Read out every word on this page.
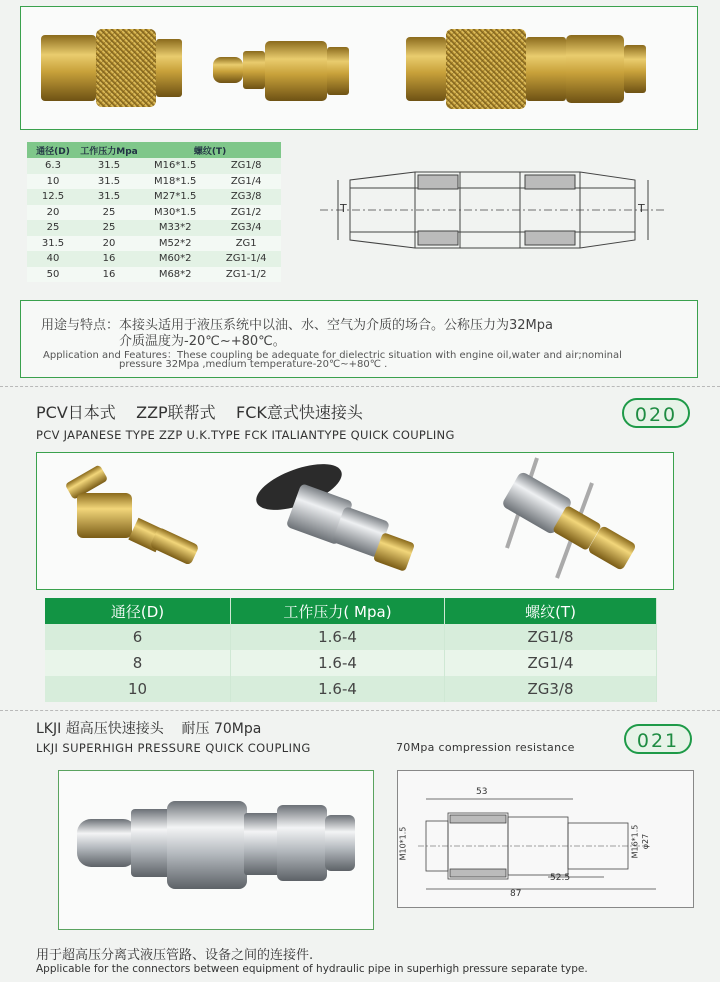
通径(D)	工作压力Mpa	螺纹(T)	
6.3	31.5	M16*1.5	ZG1/8
10	31.5	M18*1.5	ZG1/4
12.5	31.5	M27*1.5	ZG3/8
20	25	M30*1.5	ZG1/2
25	25	M33*2	ZG3/4
31.5	20	M52*2	ZG1
40	16	M60*2	ZG1-1/4
50	16	M68*2	ZG1-1/2
T	T
用途与特点：本接头适用于液压系统中以油、水、空气为介质的场合。公称压力为32Mpa
介质温度为-20℃~+80℃。
Application and Features：These coupling be adequate for dielectric situation with engine oil,water and air;nominal
pressure 32Mpa ,medium temperature-20℃~+80℃ .
PCV日本式    ZZP联帮式    FCK意式快速接头
PCV JAPANESE TYPE ZZP U.K.TYPE FCK ITALIANTYPE QUICK COUPLING
020
通径(D)	工作压力( Mpa)	螺纹(T)
6	1.6-4	ZG1/8
8	1.6-4	ZG1/4
10	1.6-4	ZG3/8
LKJI 超高压快速接头    耐压 70Mpa
LKJI SUPERHIGH PRESSURE QUICK COUPLING	70Mpa compression resistance	021
53
M10*1.5	M16*1.5 φ27
52.5
87
用于超高压分离式液压管路、设备之间的连接件.
Applicable for the connectors between equipment of hydraulic pipe in superhigh pressure separate type.
